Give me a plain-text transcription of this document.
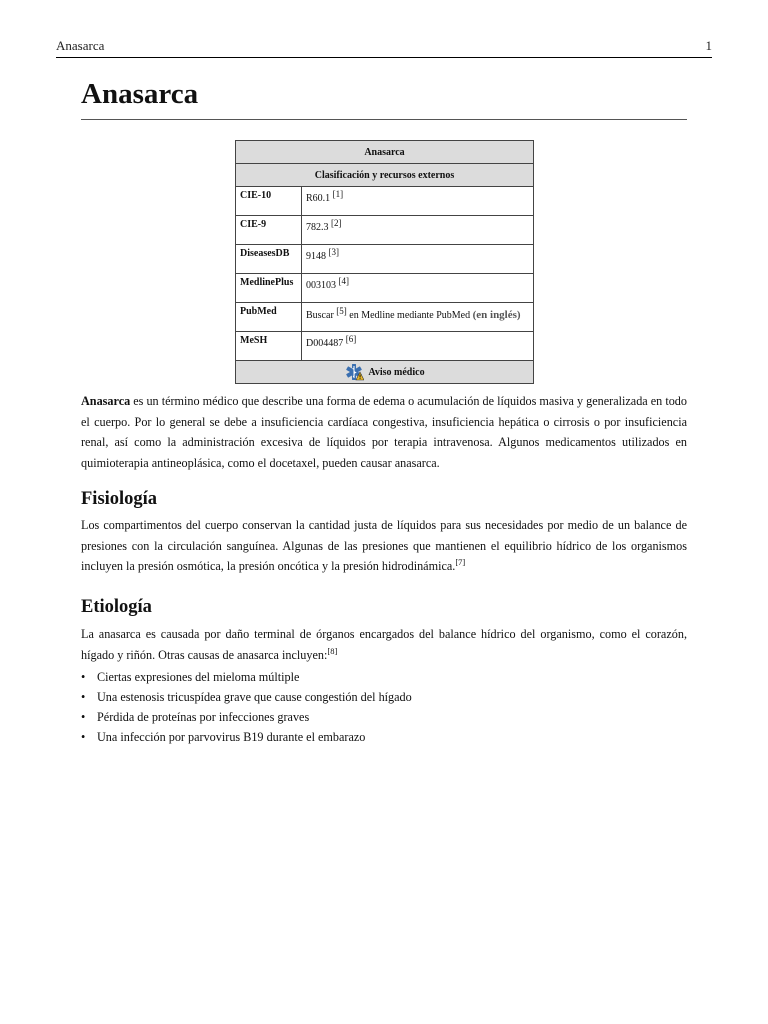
Anasarca	1
Anasarca
Anasarca	
Clasificación y recursos externos	
CIE-10	R60.1 [1]
CIE-9	782.3 [2]
DiseasesDB	9148 [3]
MedlinePlus	003103 [4]
PubMed	Buscar [5] en Medline mediante PubMed (en inglés)
MeSH	D004487 [6]

Aviso médico	

Anasarca es un término médico que describe una forma de edema o acumulación de líquidos masiva y generalizada en todo el cuerpo. Por lo general se debe a insuficiencia cardíaca congestiva, insuficiencia hepática o cirrosis o por insuficiencia renal, así como la administración excesiva de líquidos por terapia intravenosa. Algunos medicamentos utilizados en quimioterapia antineoplásica, como el docetaxel, pueden causar anasarca.

Fisiología

Los compartimentos del cuerpo conservan la cantidad justa de líquidos para sus necesidades por medio de un balance de presiones con la circulación sanguínea. Algunas de las presiones que mantienen el equilibrio hídrico de los organismos incluyen la presión osmótica, la presión oncótica y la presión hidrodinámica.[7]

Etiología

La anasarca es causada por daño terminal de órganos encargados del balance hídrico del organismo, como el corazón, hígado y riñón. Otras causas de anasarca incluyen:[8]

• Ciertas expresiones del mieloma múltiple
• Una estenosis tricuspídea grave que cause congestión del hígado
• Pérdida de proteínas por infecciones graves
• Una infección por parvovirus B19 durante el embarazo
